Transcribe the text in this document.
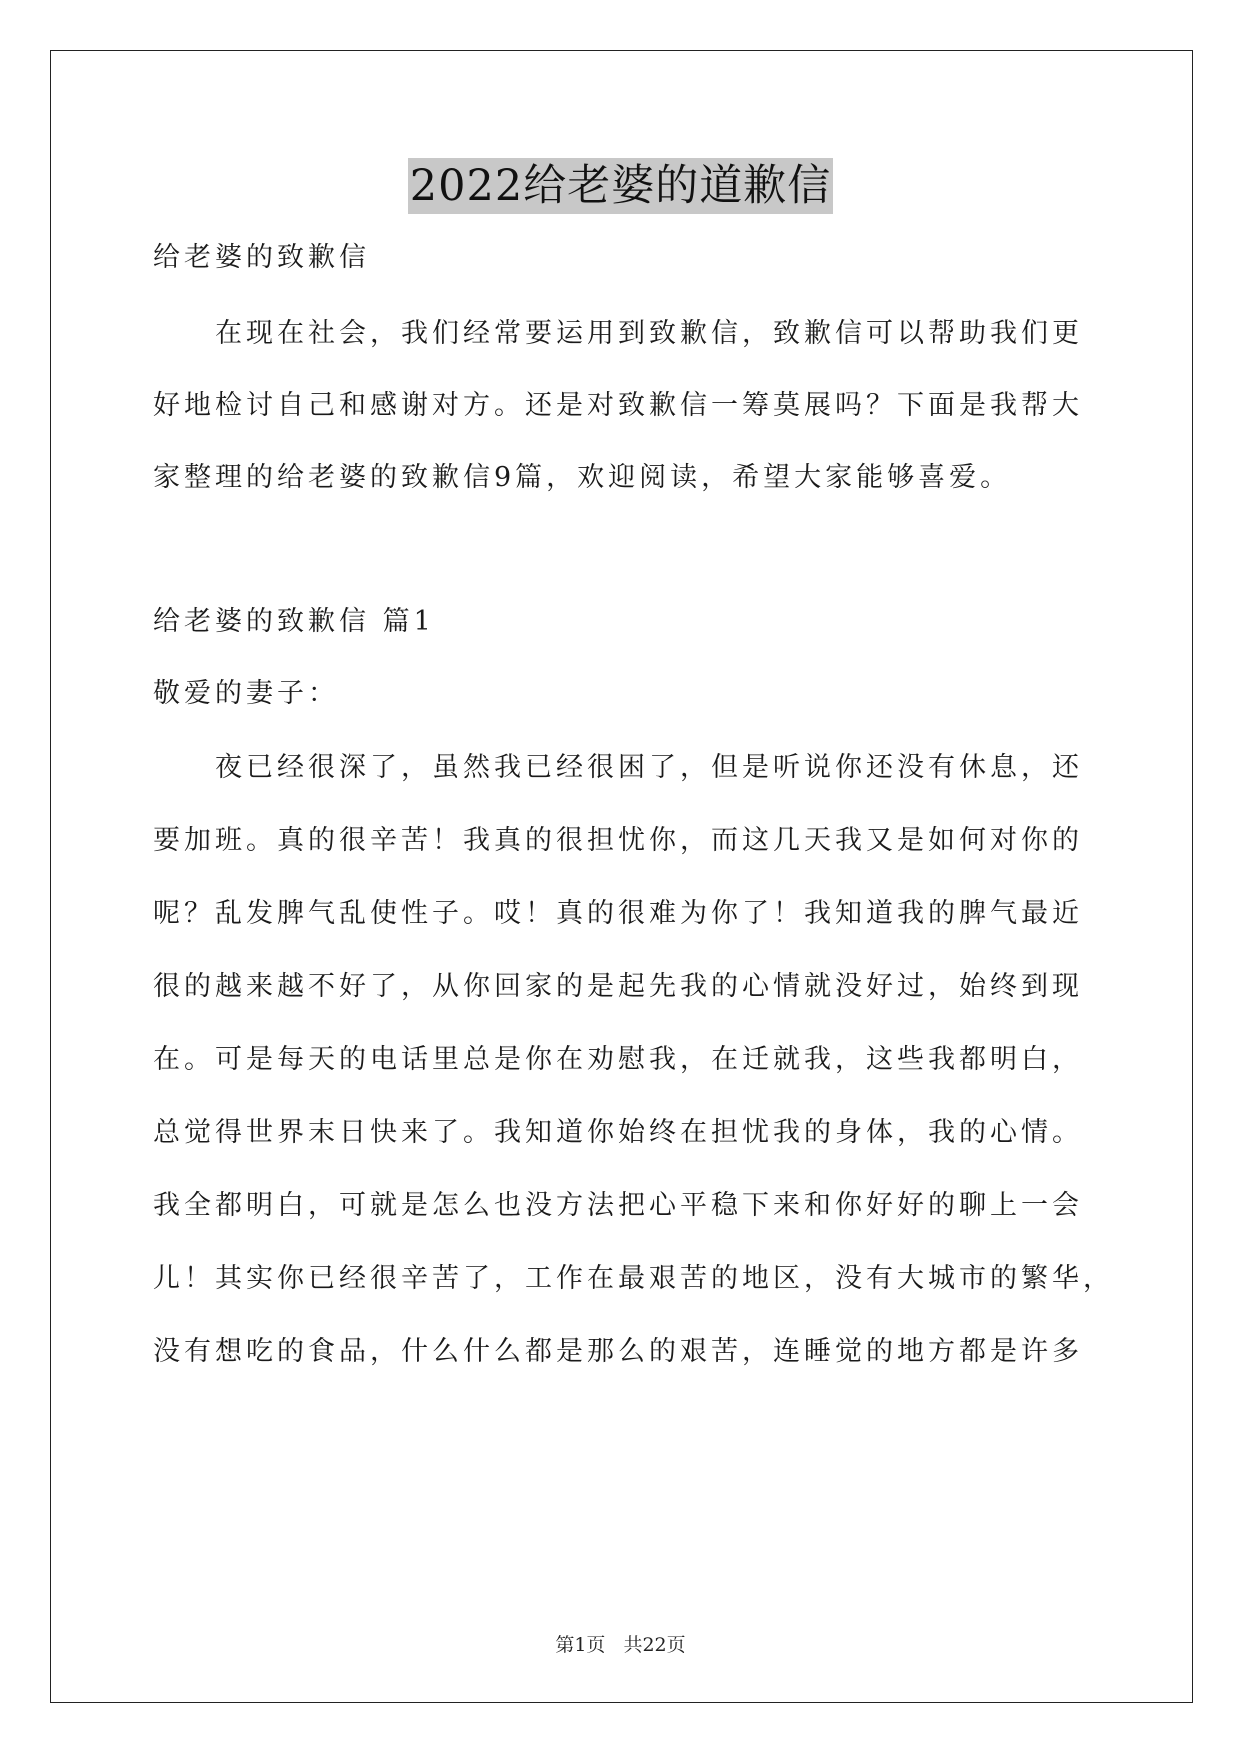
2022给老婆的道歉信
给老婆的致歉信
　　在现在社会，我们经常要运用到致歉信，致歉信可以帮助我们更
好地检讨自己和感谢对方。还是对致歉信一筹莫展吗？下面是我帮大
家整理的给老婆的致歉信9篇，欢迎阅读，希望大家能够喜爱。
给老婆的致歉信 篇1
敬爱的妻子：
　　夜已经很深了，虽然我已经很困了，但是听说你还没有休息，还
要加班。真的很辛苦！我真的很担忧你，而这几天我又是如何对你的
呢？乱发脾气乱使性子。哎！真的很难为你了！我知道我的脾气最近
很的越来越不好了，从你回家的是起先我的心情就没好过，始终到现
在。可是每天的电话里总是你在劝慰我，在迁就我，这些我都明白，
总觉得世界末日快来了。我知道你始终在担忧我的身体，我的心情。
我全都明白，可就是怎么也没方法把心平稳下来和你好好的聊上一会
儿！其实你已经很辛苦了，工作在最艰苦的地区，没有大城市的繁华，
没有想吃的食品，什么什么都是那么的艰苦，连睡觉的地方都是许多
第1页 共22页
